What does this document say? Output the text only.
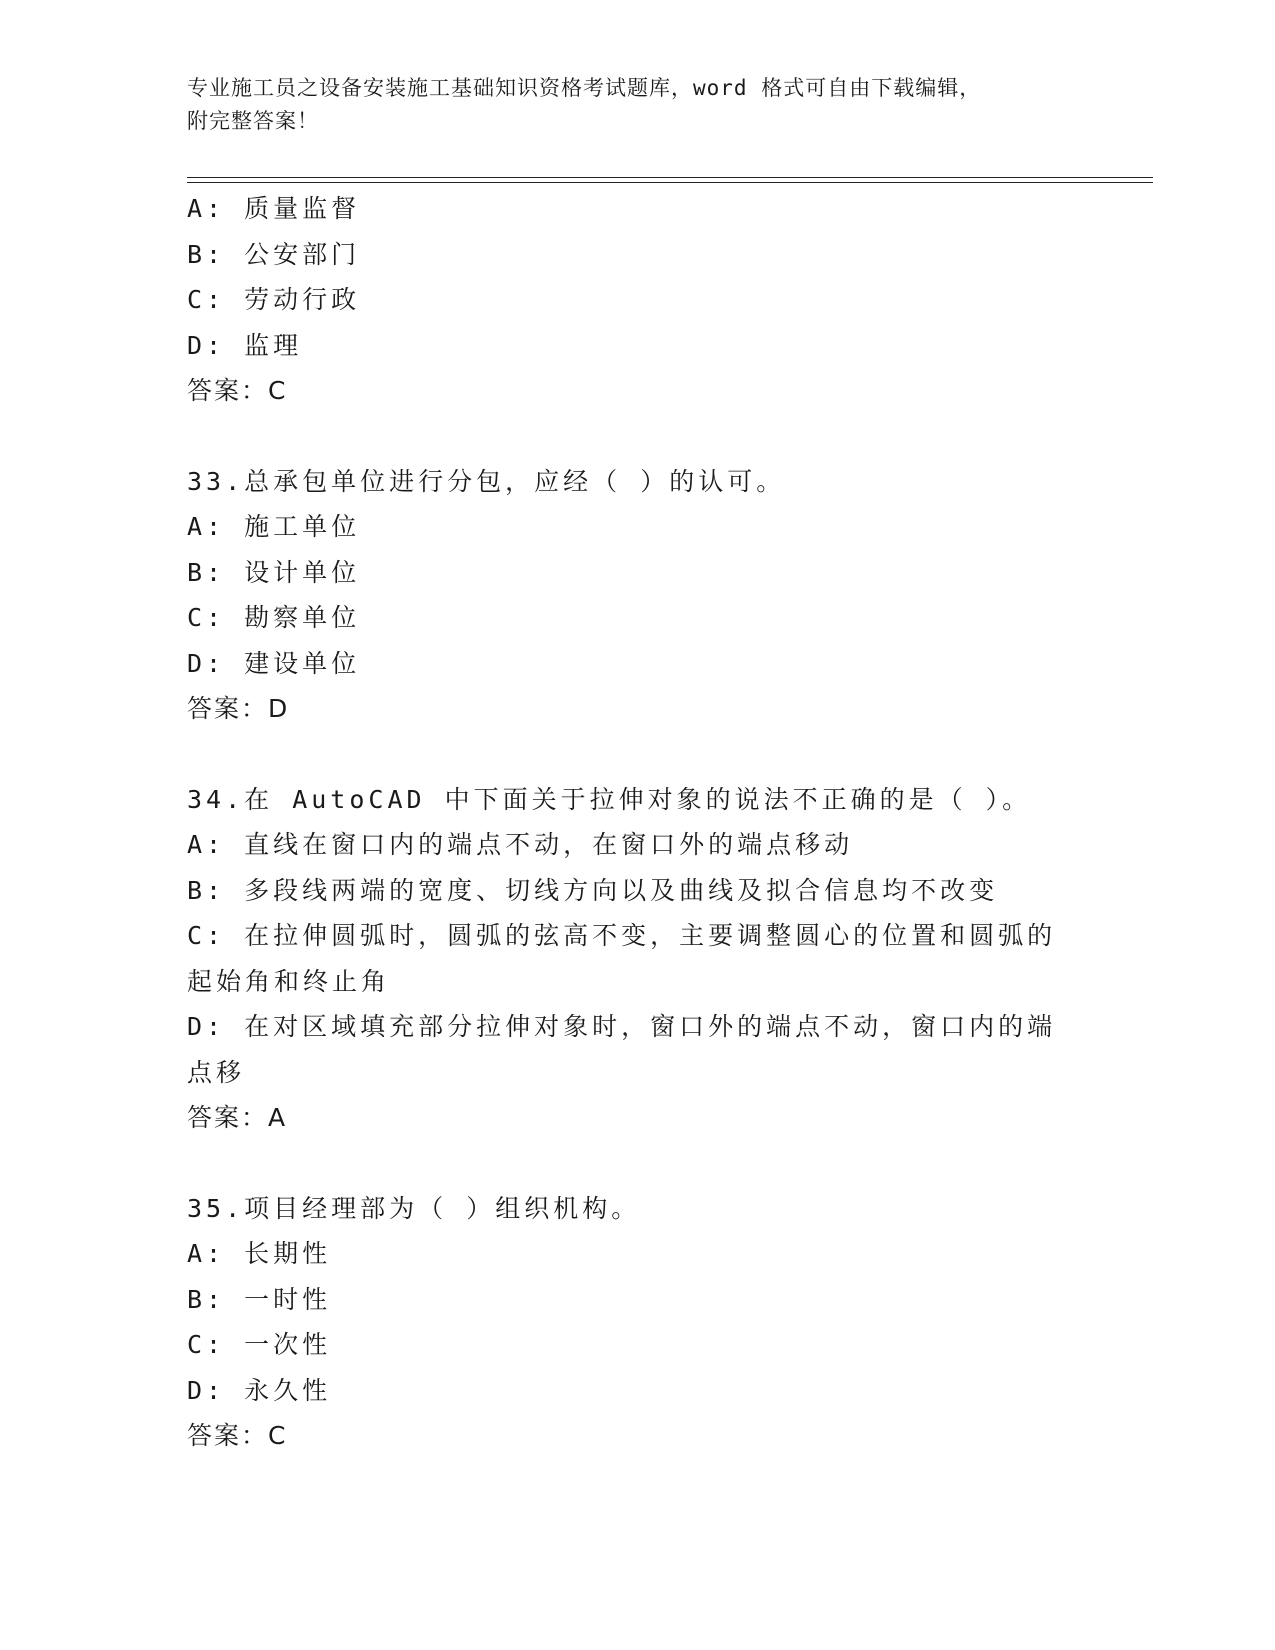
专业施工员之设备安装施工基础知识资格考试题库，word 格式可自由下载编辑，
附完整答案！
A: 质量监督
B: 公安部门
C: 劳动行政
D: 监理
答案：C
33.总承包单位进行分包，应经（ ）的认可。
A: 施工单位
B: 设计单位
C: 勘察单位
D: 建设单位
答案：D
34.在 AutoCAD 中下面关于拉伸对象的说法不正确的是（ ）。
A: 直线在窗口内的端点不动，在窗口外的端点移动
B: 多段线两端的宽度、切线方向以及曲线及拟合信息均不改变
C: 在拉伸圆弧时，圆弧的弦高不变，主要调整圆心的位置和圆弧的起始角和终止角
D: 在对区域填充部分拉伸对象时，窗口外的端点不动，窗口内的端点移
答案：A
35.项目经理部为（ ）组织机构。
A: 长期性
B: 一时性
C: 一次性
D: 永久性
答案：C
